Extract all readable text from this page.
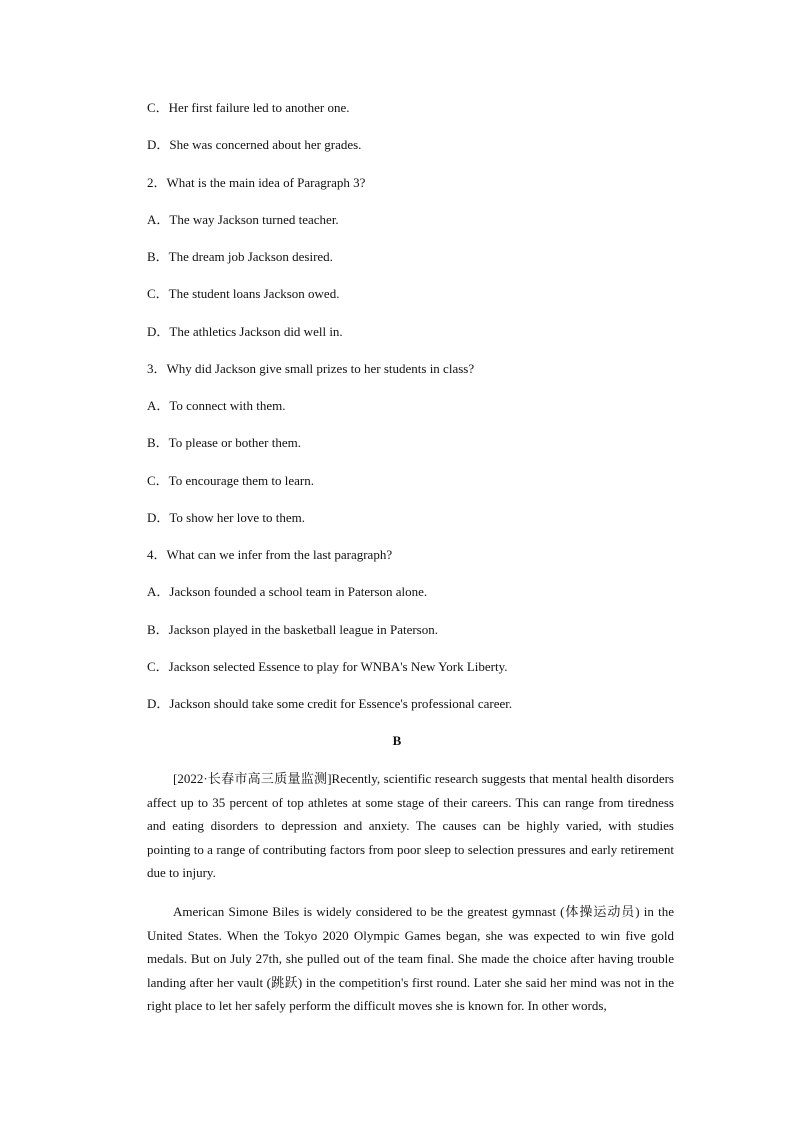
C．Her first failure led to another one.
D．She was concerned about her grades.
2．What is the main idea of Paragraph 3?
A．The way Jackson turned teacher.
B．The dream job Jackson desired.
C．The student loans Jackson owed.
D．The athletics Jackson did well in.
3．Why did Jackson give small prizes to her students in class?
A．To connect with them.
B．To please or bother them.
C．To encourage them to learn.
D．To show her love to them.
4．What can we infer from the last paragraph?
A．Jackson founded a school team in Paterson alone.
B．Jackson played in the basketball league in Paterson.
C．Jackson selected Essence to play for WNBA's New York Liberty.
D．Jackson should take some credit for Essence's professional career.
B
[2022·长春市高三质量监测]Recently, scientific research suggests that mental health disorders affect up to 35 percent of top athletes at some stage of their careers. This can range from tiredness and eating disorders to depression and anxiety. The causes can be highly varied, with studies pointing to a range of contributing factors from poor sleep to selection pressures and early retirement due to injury.
American Simone Biles is widely considered to be the greatest gymnast (体操运动员) in the United States. When the Tokyo 2020 Olympic Games began, she was expected to win five gold medals. But on July 27th, she pulled out of the team final. She made the choice after having trouble landing after her vault (跳跃) in the competition's first round. Later she said her mind was not in the right place to let her safely perform the difficult moves she is known for. In other words,
